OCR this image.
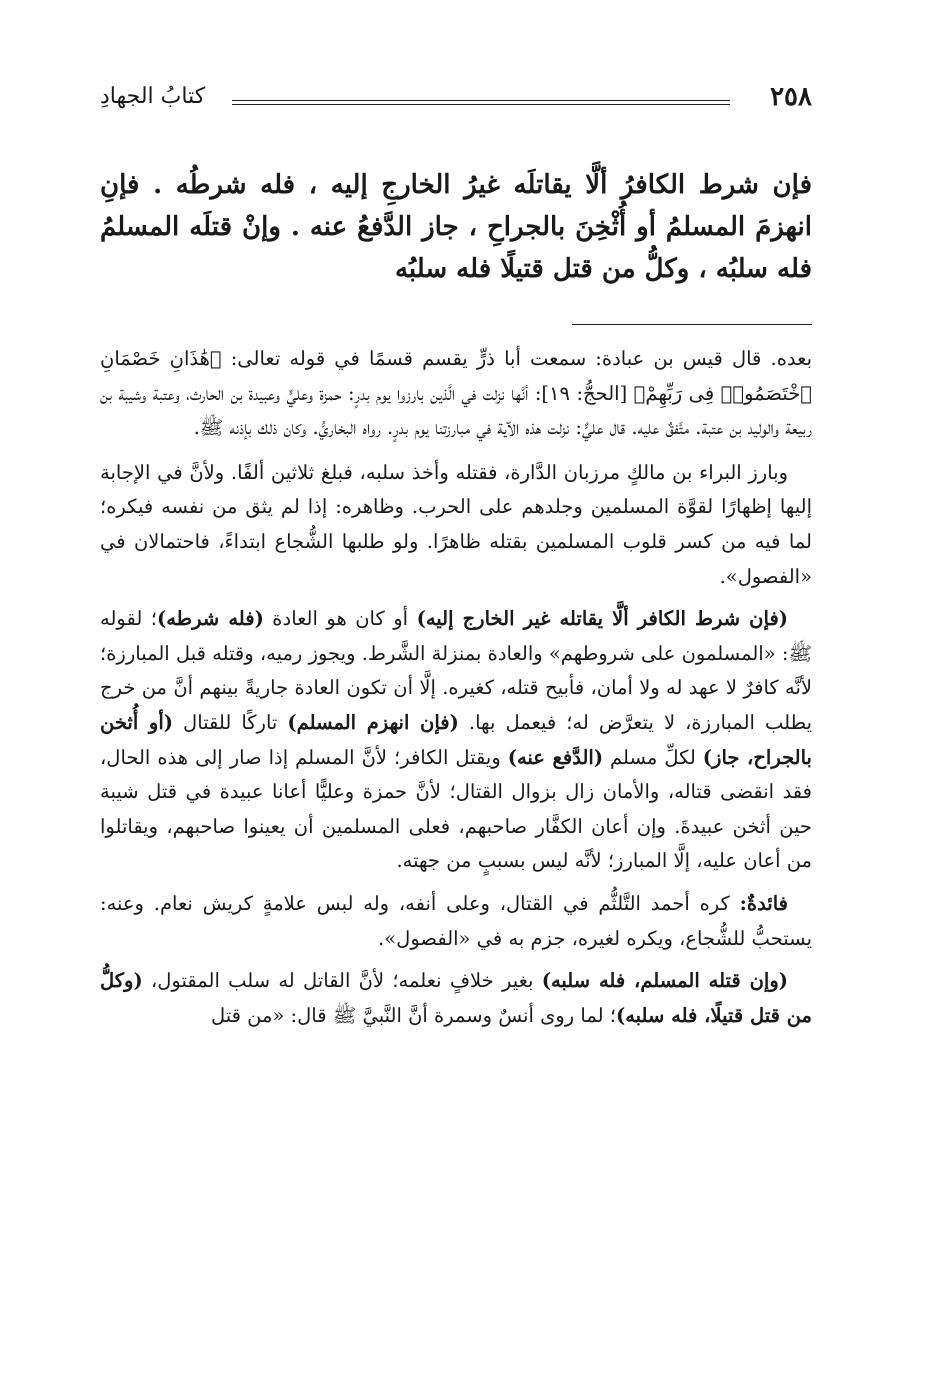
٢٥٨
كتابُ الجهادِ

فإن شرط الكافرُ ألَّا يقاتلَه غيرُ الخارجِ إليه ، فله شرطُه . فإنِ انهزمَ المسلمُ أو أُثْخِنَ بالجراحِ ، جاز الدَّفعُ عنه . وإنْ قتلَه المسلمُ فله سلبُه ، وكلُّ من قتل قتيلًا فله سلبُه

بعده. قال قيس بن عبادة: سمعت أبا ذرٍّ يقسم قسمًا في قوله تعالى: ﴿هَٰذَانِ خَصْمَانِ ٱخْتَصَمُوا۟ فِى رَبِّهِمْ﴾ [الحجُّ: ١٩]: أنَّها نزلت في الَّذين بارزوا يوم بدرٍ: حمزة وعليٍّ وعبيدة بن الحارث، وعتبة وشيبة بن ربيعة والوليد بن عتبة. متَّفقٌ عليه. قال عليٌّ: نزلت هذه الآية في مبارزتنا يوم بدرٍ. رواه البخاريُّ. وكان ذلك بإذنه ﷺ.

وبارز البراء بن مالكٍ مرزبان الدَّارة، فقتله وأخذ سلبه، فبلغ ثلاثين ألفًا. ولأنَّ في الإجابة إليها إظهارًا لقوَّة المسلمين وجلدهم على الحرب. وظاهره: إذا لم يثق من نفسه فيكره؛ لما فيه من كسر قلوب المسلمين بقتله ظاهرًا. ولو طلبها الشُّجاع ابتداءً، فاحتمالان في «الفصول».

(فإن شرط الكافر ألَّا يقاتله غير الخارج إليه) أو كان هو العادة (فله شرطه)؛ لقوله ﷺ: «المسلمون على شروطهم» والعادة بمنزلة الشَّرط. ويجوز رميه، وقتله قبل المبارزة؛ لأنَّه كافرٌ لا عهد له ولا أمان، فأبيح قتله، كغيره. إلَّا أن تكون العادة جاريةً بينهم أنَّ من خرج يطلب المبارزة، لا يتعرَّض له؛ فيعمل بها. (فإن انهزم المسلم) تاركًا للقتال (أو أُثخن بالجراح، جاز) لكلِّ مسلم (الدَّفع عنه) ويقتل الكافر؛ لأنَّ المسلم إذا صار إلى هذه الحال، فقد انقضى قتاله، والأمان زال بزوال القتال؛ لأنَّ حمزة وعليًّا أعانا عبيدة في قتل شيبة حين أثخن عبيدةَ. وإن أعان الكفَّار صاحبهم، فعلى المسلمين أن يعينوا صاحبهم، ويقاتلوا من أعان عليه، إلَّا المبارز؛ لأنَّه ليس بسببٍ من جهته.

فائدةٌ: كره أحمد التَّلثُّم في القتال، وعلى أنفه، وله لبس علامةٍ كريش نعام. وعنه: يستحبُّ للشُّجاع، ويكره لغيره، جزم به في «الفصول».

(وإن قتله المسلم، فله سلبه) بغير خلافٍ نعلمه؛ لأنَّ القاتل له سلب المقتول، (وكلُّ من قتل قتيلًا، فله سلبه)؛ لما روى أنسٌ وسمرة أنَّ النَّبيَّ ﷺ قال: «من قتل
